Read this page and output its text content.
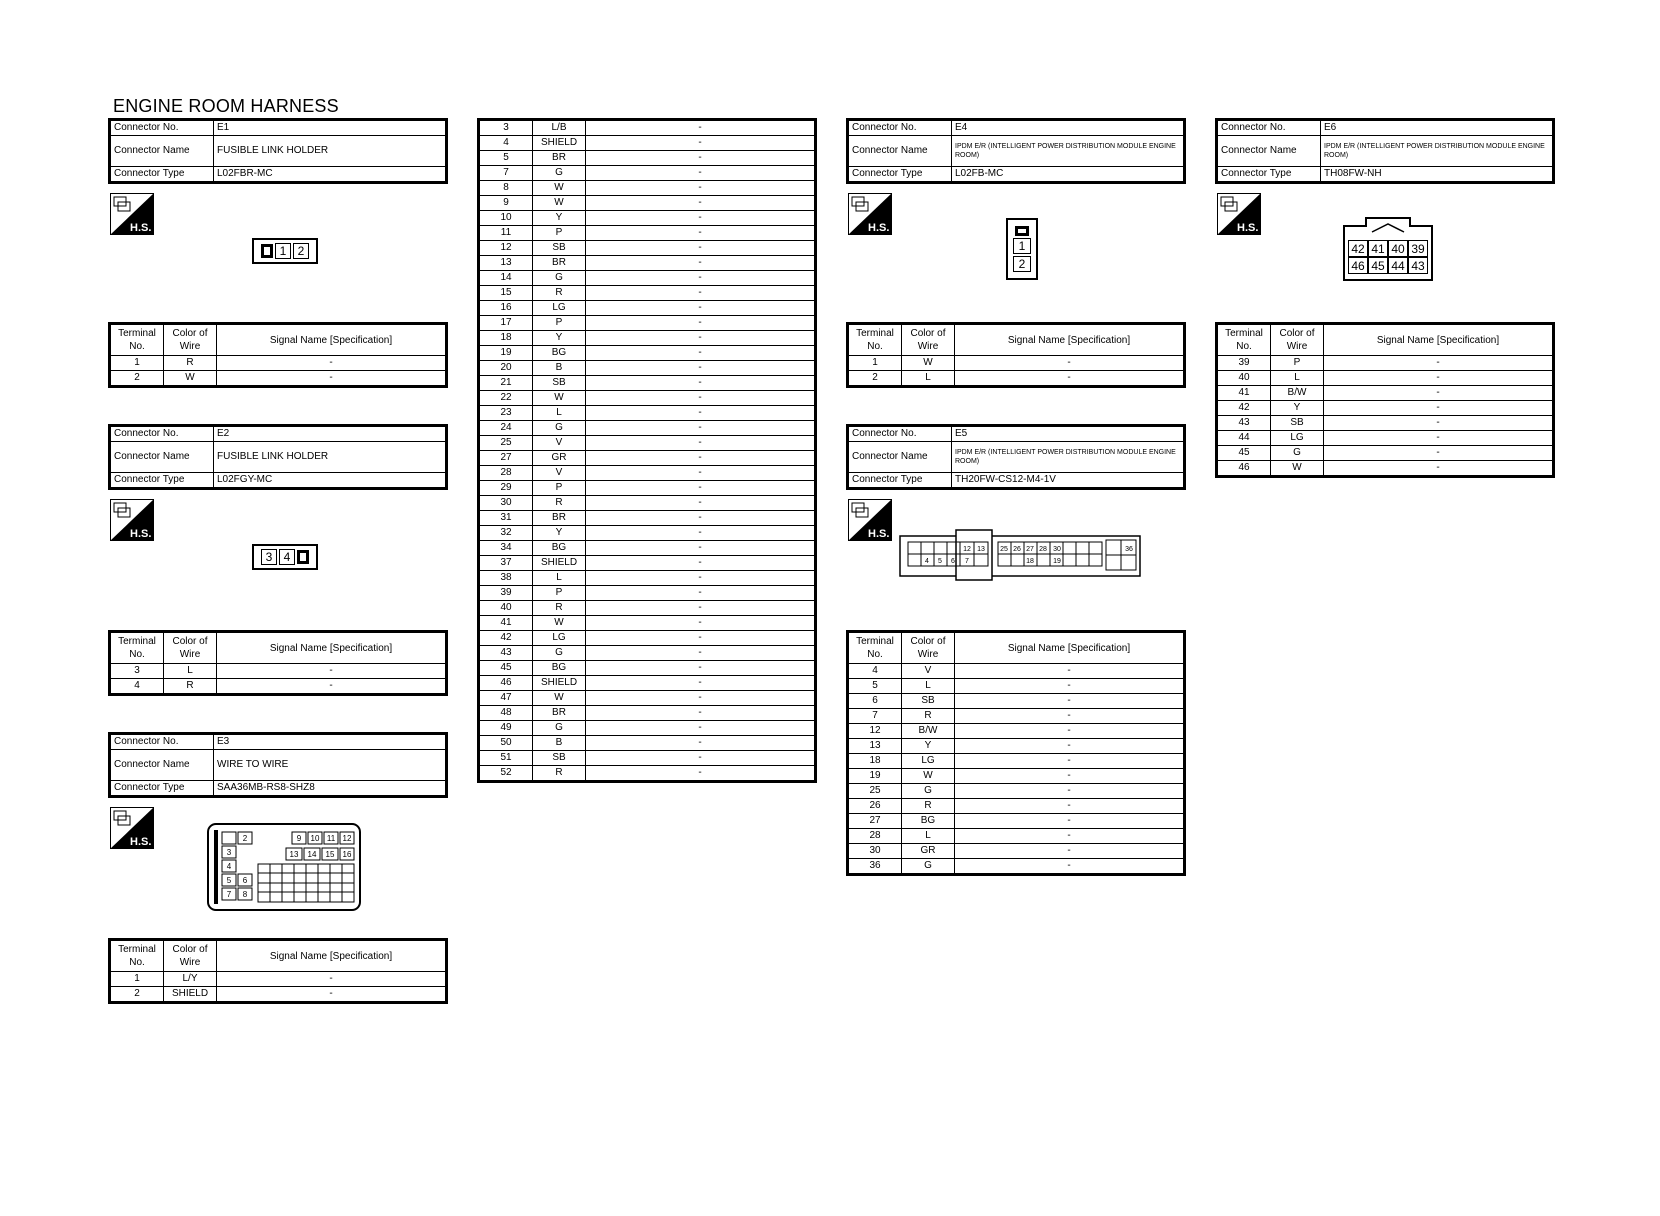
ENGINE ROOM HARNESS
Connector No.	E1
Connector Name	FUSIBLE LINK HOLDER
Connector Type	L02FBR-MC
H.S.
1 2
Terminal No.	Color of Wire	Signal Name [Specification]
1	R	-
2	W	-
Connector No.	E2
Connector Name	FUSIBLE LINK HOLDER
Connector Type	L02FGY-MC
H.S.
3 4
Terminal No.	Color of Wire	Signal Name [Specification]
3	L	-
4	R	-
Connector No.	E3
Connector Name	WIRE TO WIRE
Connector Type	SAA36MB-RS8-SHZ8
H.S.	2
3
4
5 6
7 8
9 10 11 12
13 14 15 16
Terminal No.	Color of Wire	Signal Name [Specification]
1	L/Y	-
2	SHIELD	-
3	L/B	-
4	SHIELD	-
5	BR	-
7	G	-
8	W	-
9	W	-
10	Y	-
11	P	-
12	SB	-
13	BR	-
14	G	-
15	R	-
16	LG	-
17	P	-
18	Y	-
19	BG	-
20	B	-
21	SB	-
22	W	-
23	L	-
24	G	-
25	V	-
27	GR	-
28	V	-
29	P	-
30	R	-
31	BR	-
32	Y	-
34	BG	-
37	SHIELD	-
38	L	-
39	P	-
40	R	-
41	W	-
42	LG	-
43	G	-
45	BG	-
46	SHIELD	-
47	W	-
48	BR	-
49	G	-
50	B	-
51	SB	-
52	R	-
Connector No.	E4
Connector Name	IPDM E/R (INTELLIGENT POWER DISTRIBUTION MODULE ENGINE ROOM)

Connector Type	L02FB-MC
H.S.
1
2
Terminal No.	Color of Wire	Signal Name [Specification]
1	W	-
2	L	-
Connector No.	E5
Connector Name	IPDM E/R (INTELLIGENT POWER DISTRIBUTION MODULE ENGINE ROOM)

Connector Type	TH20FW-CS12-M4-1V
H.S.
12 13
4 5 6 7
25 26 27 28 30
18	19
36
Terminal No.	Color of Wire	Signal Name [Specification]
4	V	-
5	L	-
6	SB	-
7	R	-
12	B/W	-
13	Y	-
18	LG	-
19	W	-
25	G	-
26	R	-
27	BG	-
28	L	-
30	GR	-
36	G	-
Connector No.	E6
Connector Name	IPDM E/R (INTELLIGENT POWER DISTRIBUTION MODULE ENGINE ROOM)

Connector Type	TH08FW-NH
H.S.
42 41 40 39
46 45 44 43
Terminal No.	Color of Wire	Signal Name [Specification]
39	P	-
40	L	-
41	B/W	-
42	Y	-
43	SB	-
44	LG	-
45	G	-
46	W	-
